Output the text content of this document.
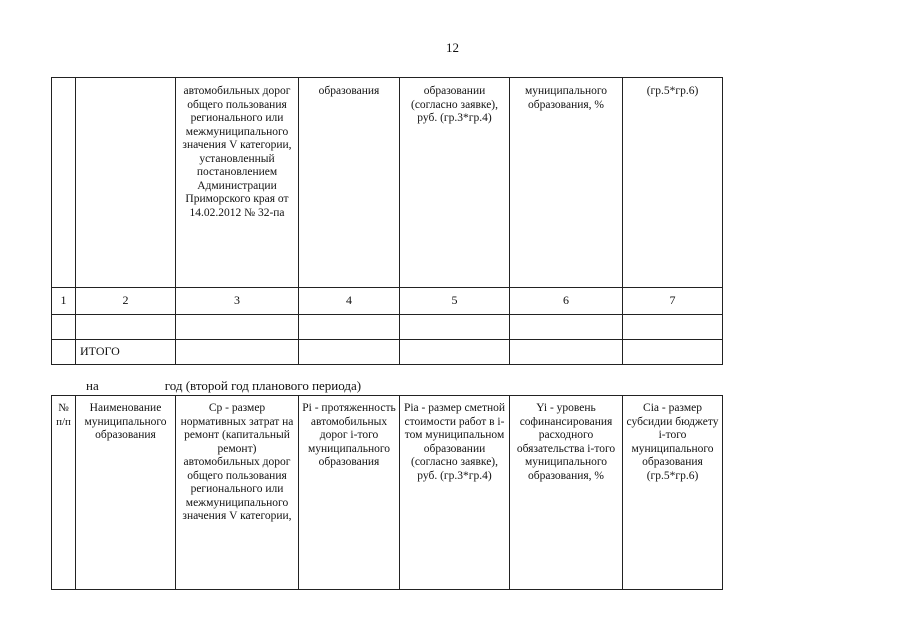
12
		автомобильных дорог общего пользования регионального или межмуниципального значения V категории, установленный постановлением Администрации Приморского края от 14.02.2012 № 32-па	образования	образовании (согласно заявке), руб. (гр.3*гр.4)	муниципального образования, %	(гр.5*гр.6)
1	2	3	4	5	6	7

	ИТОГО					
на	год (второй год планового периода)
№ п/п	Наименование муниципального образования	Ср - размер нормативных затрат на ремонт (капитальный ремонт) автомобильных дорог общего пользования регионального или межмуниципального значения V категории,	Pi - протяженность автомобильных дорог i-того муниципального образования	Pia - размер сметной стоимости работ в i-том муниципальном образовании (согласно заявке), руб. (гр.3*гр.4)	Yi - уровень софинансирования расходного обязательства i-того муниципального образования, %	Cia - размер субсидии бюджету i-того муниципального образования (гр.5*гр.6)
